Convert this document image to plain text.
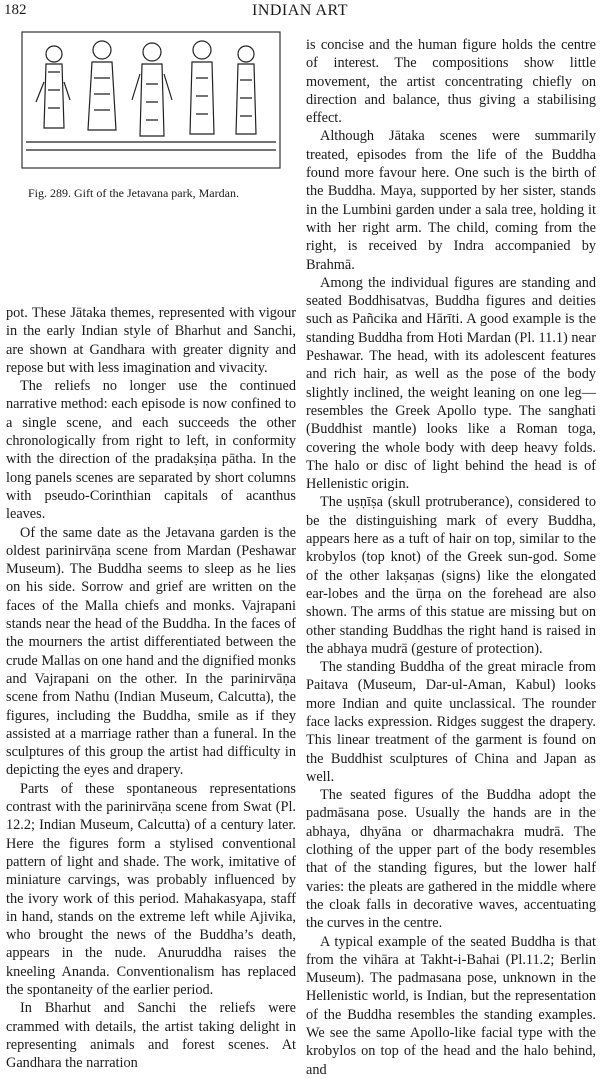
182	INDIAN ART
Fig. 289. Gift of the Jetavana park, Mardan.

pot. These Jātaka themes, represented with vigour in the early Indian style of Bharhut and Sanchi, are shown at Gandhara with greater dignity and repose but with less imagination and vivacity.

The reliefs no longer use the continued narrative method: each episode is now confined to a single scene, and each succeeds the other chronologically from right to left, in conformity with the direction of the pradakṣiṇa pātha. In the long panels scenes are separated by short columns with pseudo-Corinthian capitals of acanthus leaves.

Of the same date as the Jetavana garden is the oldest parinirvāṇa scene from Mardan (Peshawar Museum). The Buddha seems to sleep as he lies on his side. Sorrow and grief are written on the faces of the Malla chiefs and monks. Vajrapani stands near the head of the Buddha. In the faces of the mourners the artist differentiated between the crude Mallas on one hand and the dignified monks and Vajrapani on the other. In the parinirvāṇa scene from Nathu (Indian Museum, Calcutta), the figures, including the Buddha, smile as if they assisted at a marriage rather than a funeral. In the sculptures of this group the artist had difficulty in depicting the eyes and drapery.

Parts of these spontaneous representations contrast with the parinirvāṇa scene from Swat (Pl. 12.2; Indian Museum, Calcutta) of a century later. Here the figures form a stylised conventional pattern of light and shade. The work, imitative of miniature carvings, was probably influenced by the ivory work of this period. Mahakasyapa, staff in hand, stands on the extreme left while Ajivika, who brought the news of the Buddha’s death, appears in the nude. Anuruddha raises the kneeling Ananda. Conventionalism has replaced the spontaneity of the earlier period.

In Bharhut and Sanchi the reliefs were crammed with details, the artist taking delight in representing animals and forest scenes. At Gandhara the narration

is concise and the human figure holds the centre of interest. The compositions show little movement, the artist concentrating chiefly on direction and balance, thus giving a stabilising effect.

Although Jātaka scenes were summarily treated, episodes from the life of the Buddha found more favour here. One such is the birth of the Buddha. Maya, supported by her sister, stands in the Lumbini garden under a sala tree, holding it with her right arm. The child, coming from the right, is received by Indra accompanied by Brahmā.

Among the individual figures are standing and seated Boddhisatvas, Buddha figures and deities such as Pañcika and Hārīti. A good example is the standing Buddha from Hoti Mardan (Pl. 11.1) near Peshawar. The head, with its adolescent features and rich hair, as well as the pose of the body slightly inclined, the weight leaning on one leg—resembles the Greek Apollo type. The sanghati (Buddhist mantle) looks like a Roman toga, covering the whole body with deep heavy folds. The halo or disc of light behind the head is of Hellenistic origin.

The uṣṇīṣa (skull protruberance), considered to be the distinguishing mark of every Buddha, appears here as a tuft of hair on top, similar to the krobylos (top knot) of the Greek sun-god. Some of the other lakṣaṇas (signs) like the elongated ear-lobes and the ūrṇa on the forehead are also shown. The arms of this statue are missing but on other standing Buddhas the right hand is raised in the abhaya mudrā (gesture of protection).

The standing Buddha of the great miracle from Paitava (Museum, Dar-ul-Aman, Kabul) looks more Indian and quite unclassical. The rounder face lacks expression. Ridges suggest the drapery. This linear treatment of the garment is found on the Buddhist sculptures of China and Japan as well.

The seated figures of the Buddha adopt the padmāsana pose. Usually the hands are in the abhaya, dhyāna or dharmachakra mudrā. The clothing of the upper part of the body resembles that of the standing figures, but the lower half varies: the pleats are gathered in the middle where the cloak falls in decorative waves, accentuating the curves in the centre.

A typical example of the seated Buddha is that from the vihāra at Takht-i-Bahai (Pl.11.2; Berlin Museum). The padmasana pose, unknown in the Hellenistic world, is Indian, but the representation of the Buddha resembles the standing examples. We see the same Apollo-like facial type with the krobylos on top of the head and the halo behind, and
